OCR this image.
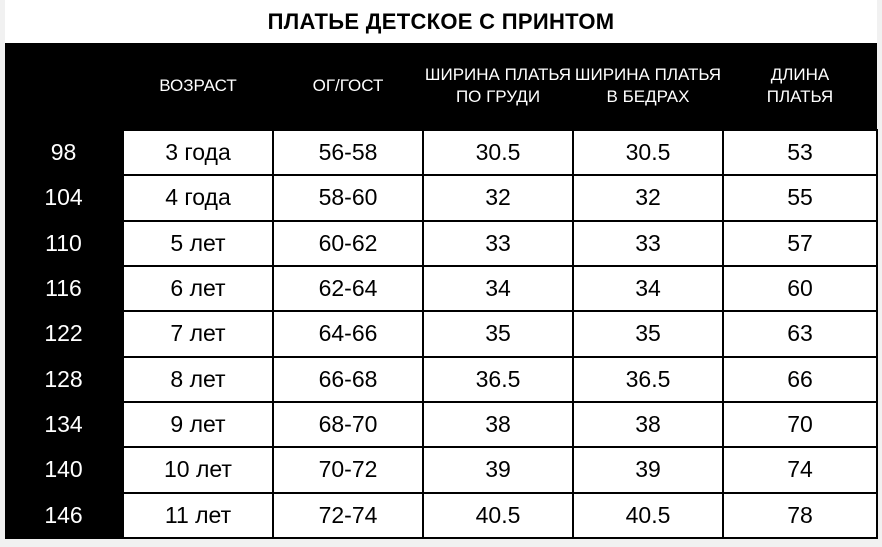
ПЛАТЬЕ ДЕТСКОЕ С ПРИНТОМ
	ВОЗРАСТ	ОГ/ГОСТ	ШИРИНА ПЛАТЬЯ ПО ГРУДИ	ШИРИНА ПЛАТЬЯ В БЕДРАХ	ДЛИНА ПЛАТЬЯ
98	3 года	56-58	30.5	30.5	53
104	4 года	58-60	32	32	55
110	5 лет	60-62	33	33	57
116	6 лет	62-64	34	34	60
122	7 лет	64-66	35	35	63
128	8 лет	66-68	36.5	36.5	66
134	9 лет	68-70	38	38	70
140	10 лет	70-72	39	39	74
146	11 лет	72-74	40.5	40.5	78
